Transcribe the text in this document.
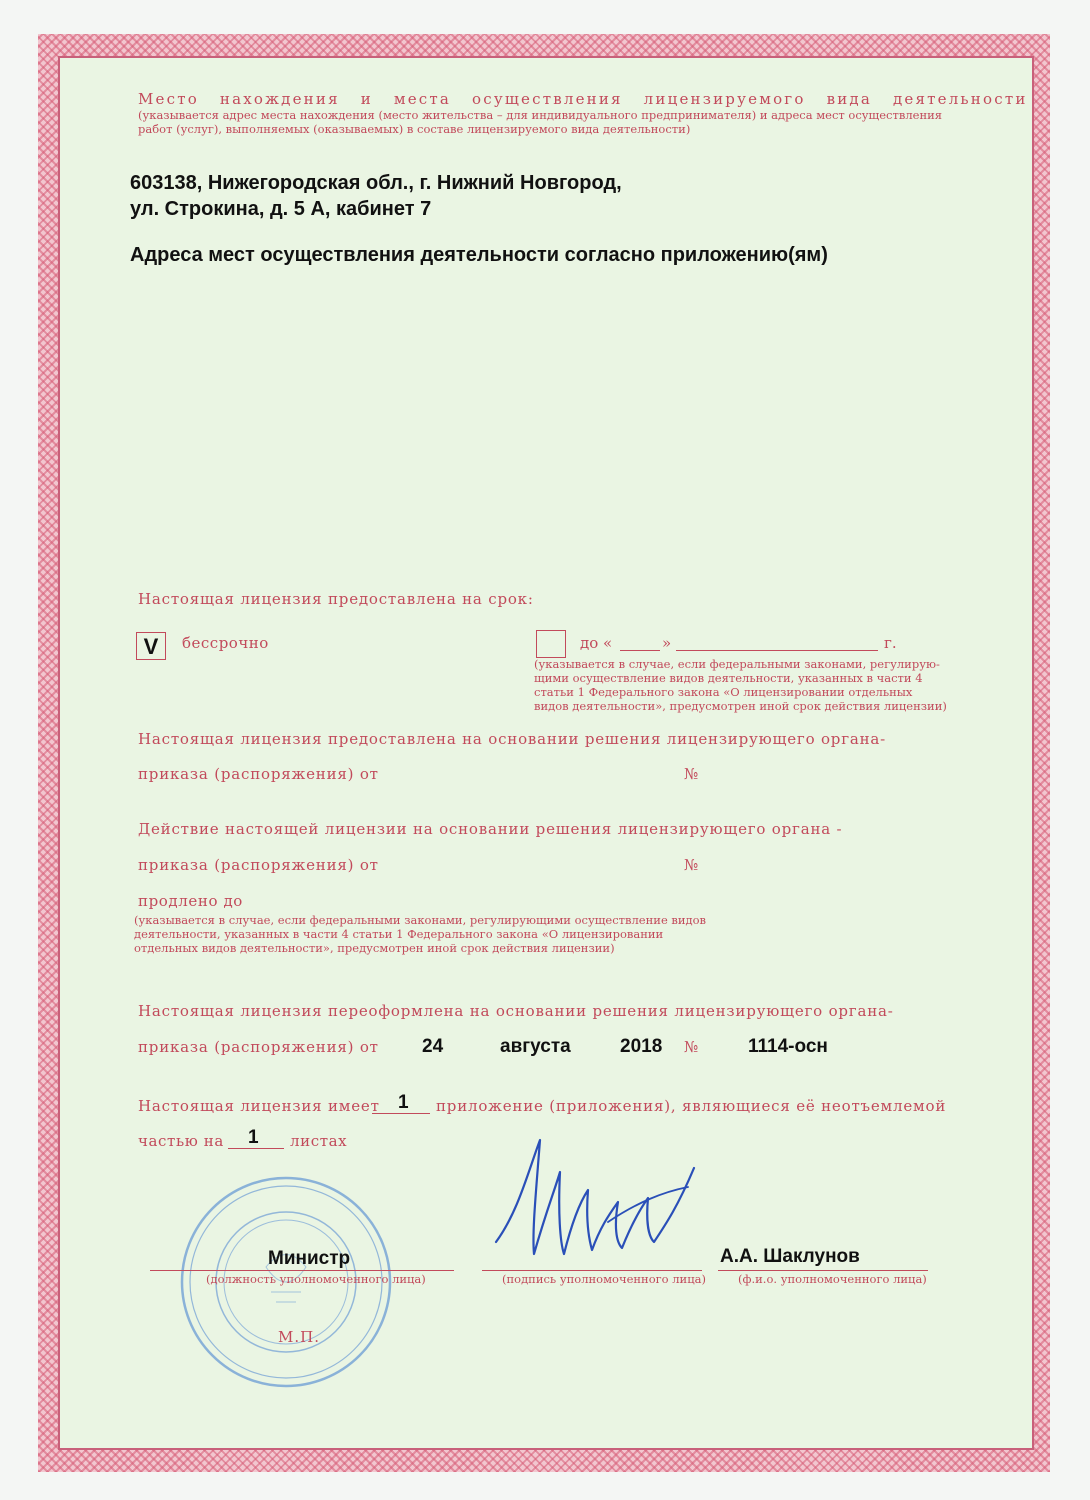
Место нахождения и места осуществления лицензируемого вида деятельности
(указывается адрес места нахождения (место жительства – для индивидуального предпринимателя) и адреса мест осуществления
работ (услуг), выполняемых (оказываемых) в составе лицензируемого вида деятельности)
603138, Нижегородская обл., г. Нижний Новгород,
ул. Строкина, д. 5 А, кабинет 7
Адреса мест осуществления деятельности согласно приложению(ям)
Настоящая лицензия предоставлена на срок:
V	бессрочно	до «	»	г.
(указывается в случае, если федеральными законами, регулирую-
щими осуществление видов деятельности, указанных в части 4
статьи 1 Федерального закона «О лицензировании отдельных
видов деятельности», предусмотрен иной срок действия лицензии)
Настоящая лицензия предоставлена на основании решения лицензирующего органа-
приказа (распоряжения) от	№
Действие настоящей лицензии на основании решения лицензирующего органа -
приказа (распоряжения) от	№
продлено до
(указывается в случае, если федеральными законами, регулирующими осуществление видов
деятельности, указанных в части 4 статьи 1 Федерального закона «О лицензировании
отдельных видов деятельности», предусмотрен иной срок действия лицензии)
Настоящая лицензия переоформлена на основании решения лицензирующего органа-
приказа (распоряжения) от 24	августа	2018 №	1114-осн
Настоящая лицензия имеет 1 приложение (приложения), являющиеся её неотъемлемой
частью на 1 листах
Министр
(должность уполномоченного лица)	(подпись уполномоченного лица)
А.А. Шаклунов
(ф.и.о. уполномоченного лица)
М.П.
